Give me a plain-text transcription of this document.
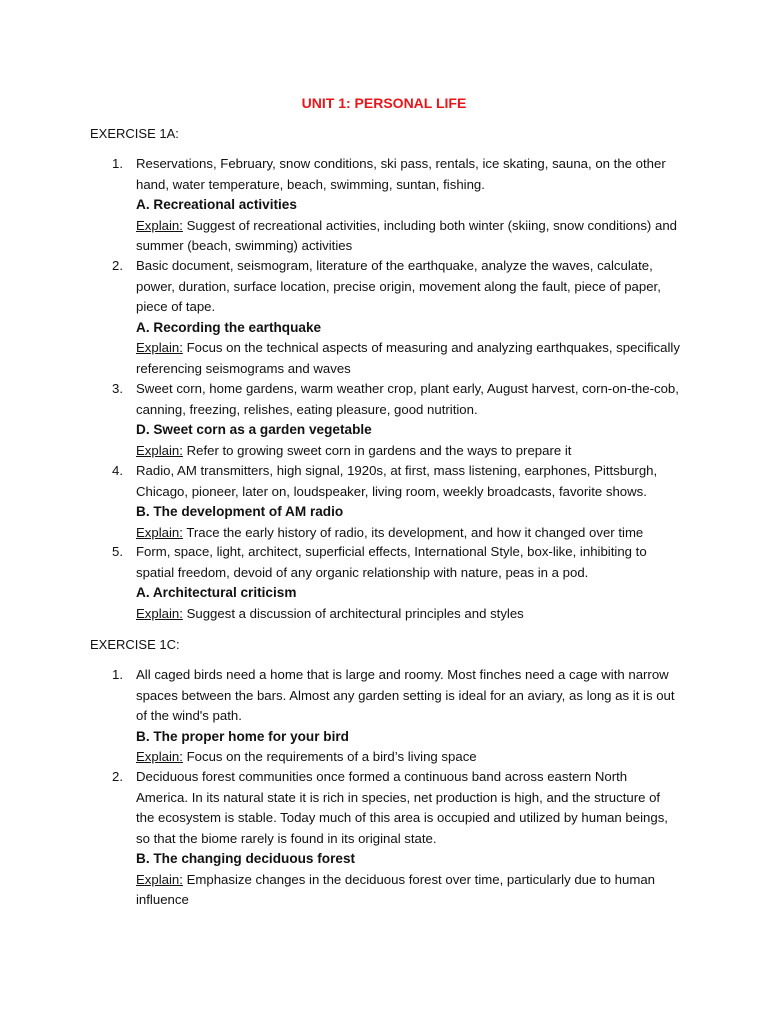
UNIT 1: PERSONAL LIFE
EXERCISE 1A:
1. Reservations, February, snow conditions, ski pass, rentals, ice skating, sauna, on the other hand, water temperature, beach, swimming, suntan, fishing.

A. Recreational activities

Explain: Suggest of recreational activities, including both winter (skiing, snow conditions) and summer (beach, swimming) activities

2. Basic document, seismogram, literature of the earthquake, analyze the waves, calculate, power, duration, surface location, precise origin, movement along the fault, piece of paper, piece of tape.

A. Recording the earthquake

Explain: Focus on the technical aspects of measuring and analyzing earthquakes, specifically referencing seismograms and waves

3. Sweet corn, home gardens, warm weather crop, plant early, August harvest, corn-on-the-cob, canning, freezing, relishes, eating pleasure, good nutrition.

D. Sweet corn as a garden vegetable

Explain: Refer to growing sweet corn in gardens and the ways to prepare it

4. Radio, AM transmitters, high signal, 1920s, at first, mass listening, earphones, Pittsburgh, Chicago, pioneer, later on, loudspeaker, living room, weekly broadcasts, favorite shows.

B. The development of AM radio

Explain: Trace the early history of radio, its development, and how it changed over time

5. Form, space, light, architect, superficial effects, International Style, box-like, inhibiting to spatial freedom, devoid of any organic relationship with nature, peas in a pod.

A. Architectural criticism

Explain: Suggest a discussion of architectural principles and styles

EXERCISE 1C:
1. All caged birds need a home that is large and roomy. Most finches need a cage with narrow spaces between the bars. Almost any garden setting is ideal for an aviary, as long as it is out of the wind's path.

B. The proper home for your bird

Explain: Focus on the requirements of a bird’s living space

2. Deciduous forest communities once formed a continuous band across eastern North America. In its natural state it is rich in species, net production is high, and the structure of the ecosystem is stable. Today much of this area is occupied and utilized by human beings, so that the biome rarely is found in its original state.

B. The changing deciduous forest

Explain: Emphasize changes in the deciduous forest over time, particularly due to human influence
